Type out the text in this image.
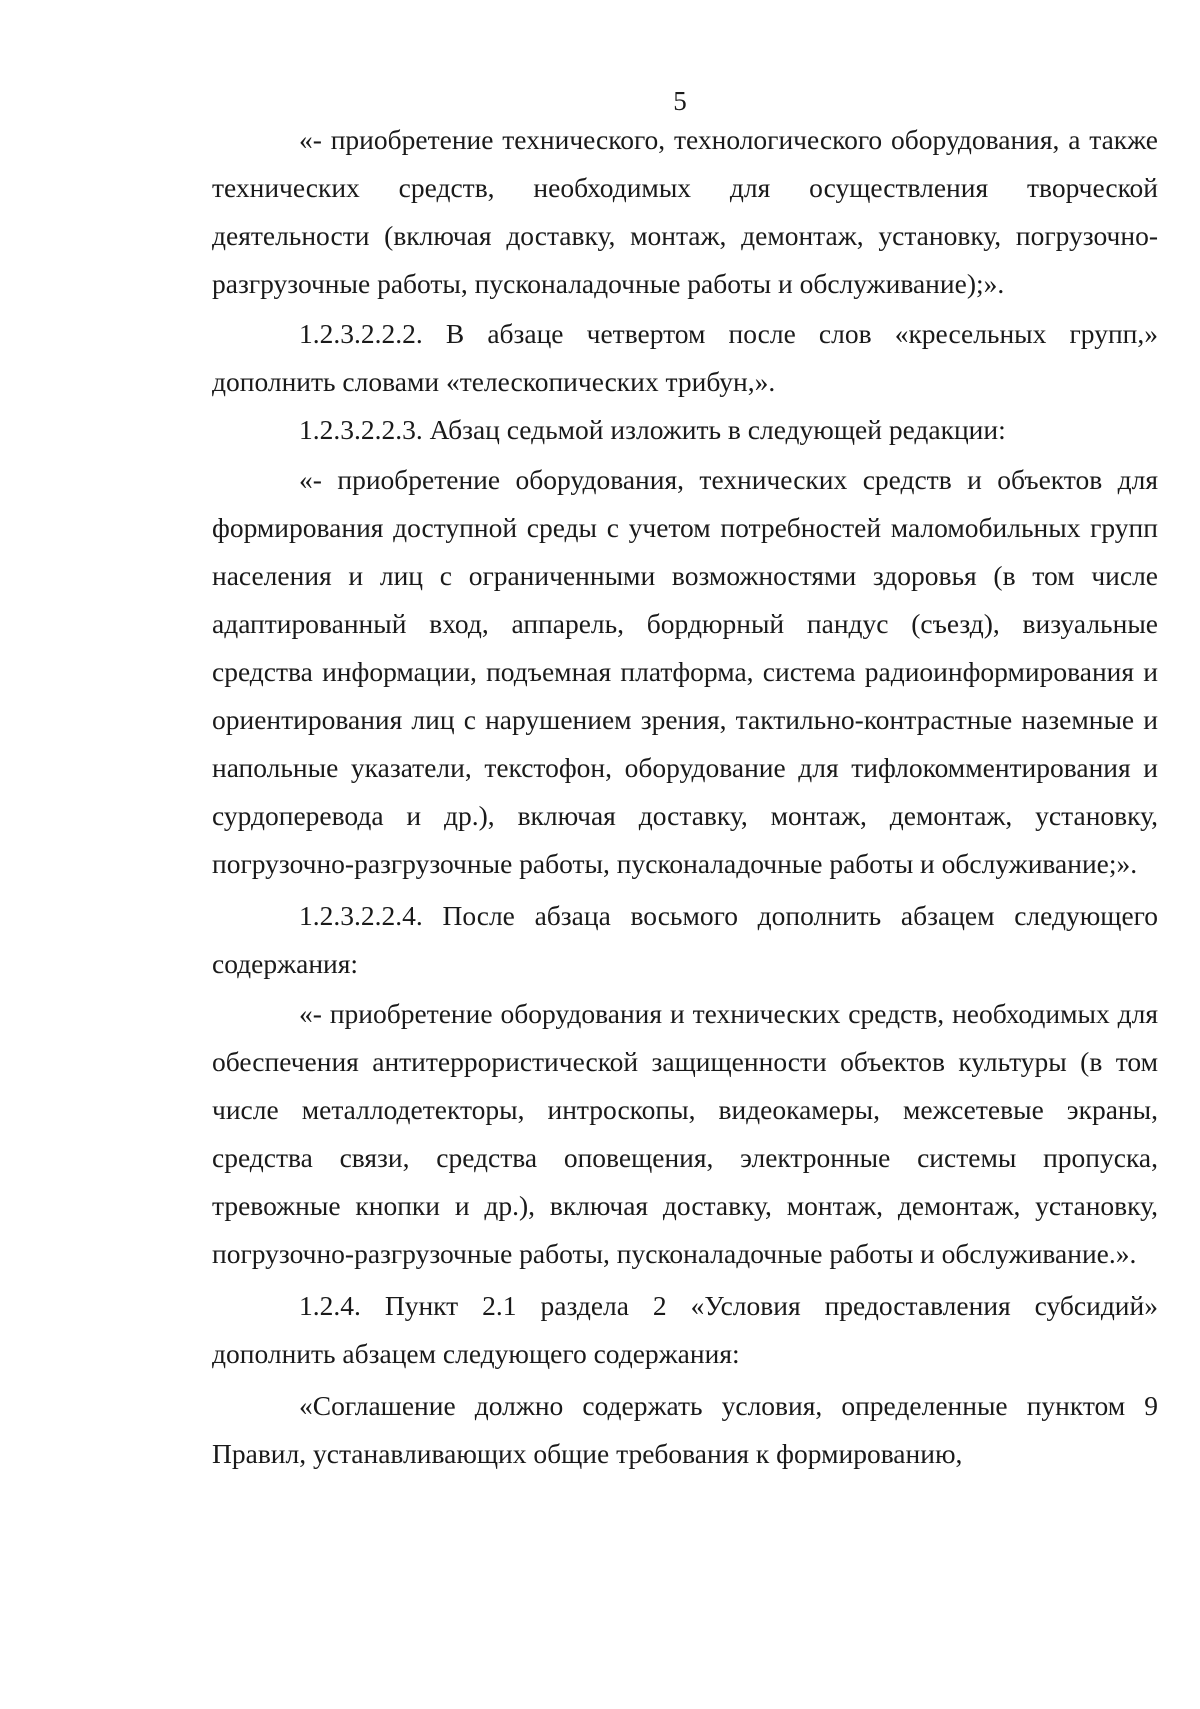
5

«- приобретение технического, технологического оборудования, а также технических средств, необходимых для осуществления творческой деятельности (включая доставку, монтаж, демонтаж, установку, погрузочно-разгрузочные работы, пусконаладочные работы и обслуживание);».

1.2.3.2.2.2. В абзаце четвертом после слов «кресельных групп,» дополнить словами «телескопических трибун,».

1.2.3.2.2.3. Абзац седьмой изложить в следующей редакции:

«- приобретение оборудования, технических средств и объектов для формирования доступной среды с учетом потребностей маломобильных групп населения и лиц с ограниченными возможностями здоровья (в том числе адаптированный вход, аппарель, бордюрный пандус (съезд), визуальные средства информации, подъемная платформа, система радиоинформирования и ориентирования лиц с нарушением зрения, тактильно-контрастные наземные и напольные указатели, текстофон, оборудование для тифлокомментирования и сурдоперевода и др.), включая доставку, монтаж, демонтаж, установку, погрузочно-разгрузочные работы, пусконаладочные работы и обслуживание;».

1.2.3.2.2.4. После абзаца восьмого дополнить абзацем следующего содержания:

«- приобретение оборудования и технических средств, необходимых для обеспечения антитеррористической защищенности объектов культуры (в том числе металлодетекторы, интроскопы, видеокамеры, межсетевые экраны, средства связи, средства оповещения, электронные системы пропуска, тревожные кнопки и др.), включая доставку, монтаж, демонтаж, установку, погрузочно-разгрузочные работы, пусконаладочные работы и обслуживание.».

1.2.4. Пункт 2.1 раздела 2 «Условия предоставления субсидий» дополнить абзацем следующего содержания:

«Соглашение должно содержать условия, определенные пунктом 9 Правил, устанавливающих общие требования к формированию,
